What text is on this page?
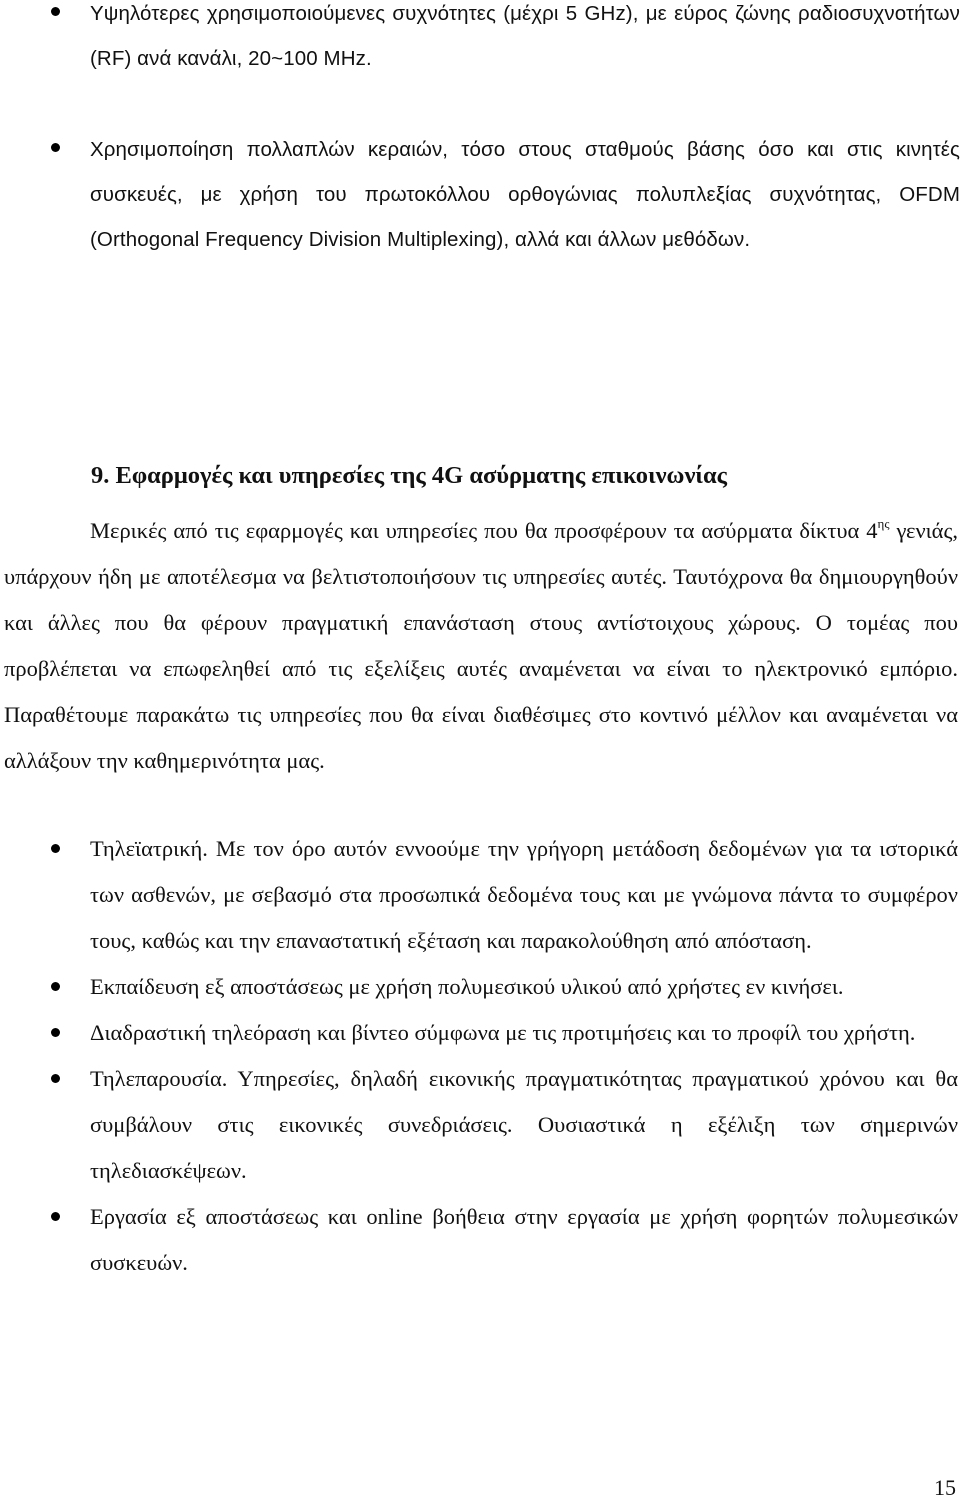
Υψηλότερες χρησιμοποιούμενες συχνότητες (μέχρι 5 GHz), με εύρος ζώνης ραδιοσυχνοτήτων (RF) ανά κανάλι, 20~100 MHz.
Χρησιμοποίηση πολλαπλών κεραιών, τόσο στους σταθμούς βάσης όσο και στις κινητές συσκευές, με χρήση του πρωτοκόλλου ορθογώνιας πολυπλεξίας συχνότητας, OFDM (Orthogonal Frequency Division Multiplexing), αλλά και άλλων μεθόδων.
9. Εφαρμογές και υπηρεσίες της 4G ασύρματης επικοινωνίας

Μερικές από τις εφαρμογές και υπηρεσίες που θα προσφέρουν τα ασύρματα δίκτυα $4^{\eta\varsigma}$ γενιάς, υπάρχουν ήδη με αποτέλεσμα να βελτιστοποιήσουν τις υπηρεσίες αυτές. Ταυτόχρονα θα δημιουργηθούν και άλλες που θα φέρουν πραγματική επανάσταση στους αντίστοιχους χώρους. Ο τομέας που προβλέπεται να επωφεληθεί από τις εξελίξεις αυτές αναμένεται να είναι το ηλεκτρονικό εμπόριο. Παραθέτουμε παρακάτω τις υπηρεσίες που θα είναι διαθέσιμες στο κοντινό μέλλον και αναμένεται να αλλάξουν την καθημερινότητα μας.

Τηλεϊατρική. Με τον όρο αυτόν εννοούμε την γρήγορη μετάδοση δεδομένων για τα ιστορικά των ασθενών, με σεβασμό στα προσωπικά δεδομένα τους και με γνώμονα πάντα το συμφέρον τους, καθώς και την επαναστατική εξέταση και παρακολούθηση από απόσταση.
Εκπαίδευση εξ αποστάσεως με χρήση πολυμεσικού υλικού από χρήστες εν κινήσει.
Διαδραστική τηλεόραση και βίντεο σύμφωνα με τις προτιμήσεις και το προφίλ του χρήστη.
Τηλεπαρουσία. Υπηρεσίες, δηλαδή εικονικής πραγματικότητας πραγματικού χρόνου και θα συμβάλουν στις εικονικές συνεδριάσεις. Ουσιαστικά η εξέλιξη των σημερινών τηλεδιασκέψεων.
Εργασία εξ αποστάσεως και online βοήθεια στην εργασία με χρήση φορητών πολυμεσικών συσκευών.

15
